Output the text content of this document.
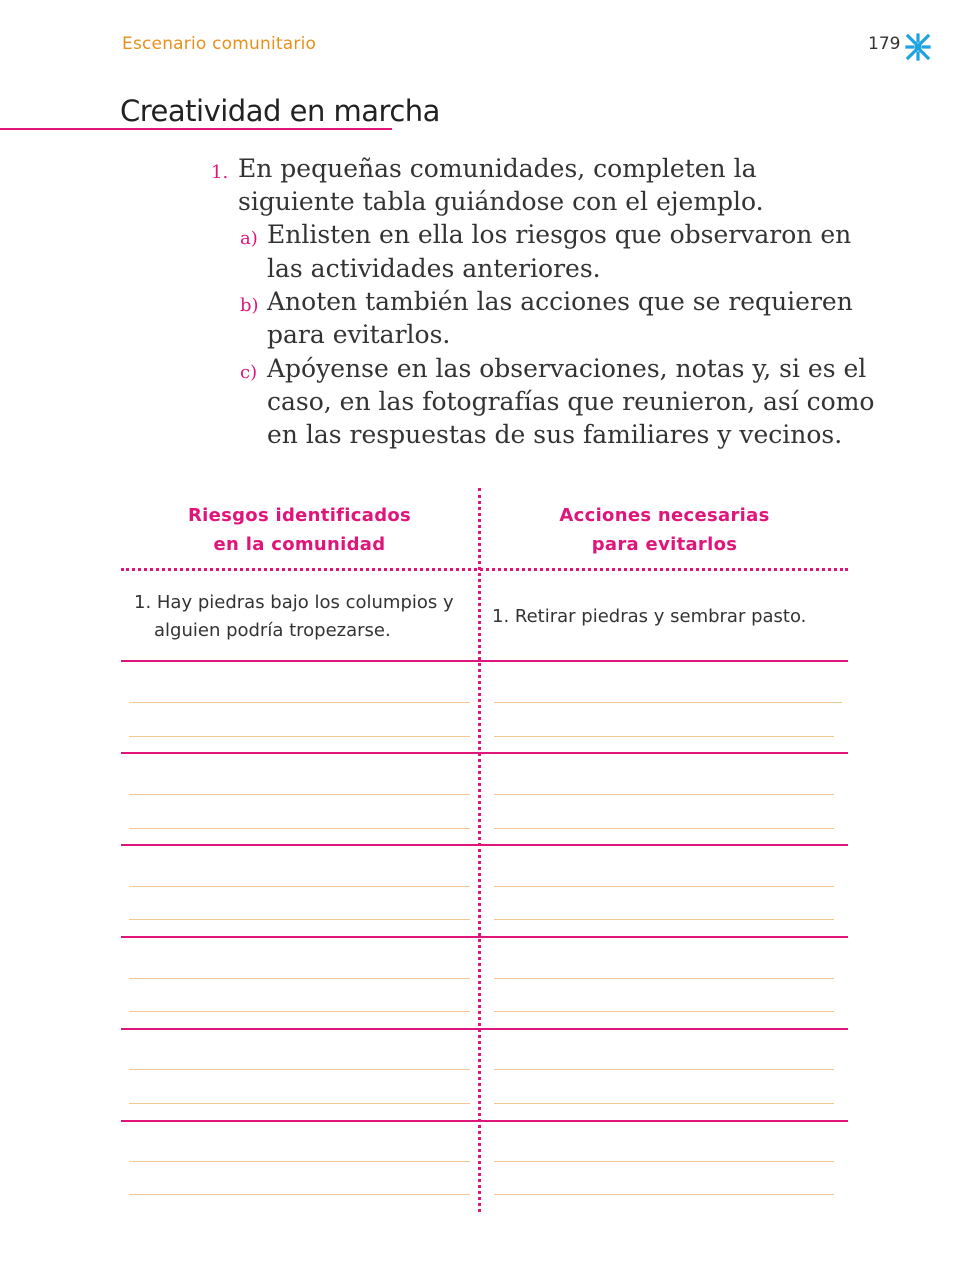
Escenario comunitario	179
Creatividad en marcha
1. En pequeñas comunidades, completen la
siguiente tabla guiándose con el ejemplo.
a) Enlisten en ella los riesgos que observaron en
las actividades anteriores.
b) Anoten también las acciones que se requieren
para evitarlos.
c) Apóyense en las observaciones, notas y, si es el
caso, en las fotografías que reunieron, así como
en las respuestas de sus familiares y vecinos.
Riesgos identificados
en la comunidad
Acciones necesarias
para evitarlos
1. Hay piedras bajo los columpios y
alguien podría tropezarse.
1. Retirar piedras y sembrar pasto.
